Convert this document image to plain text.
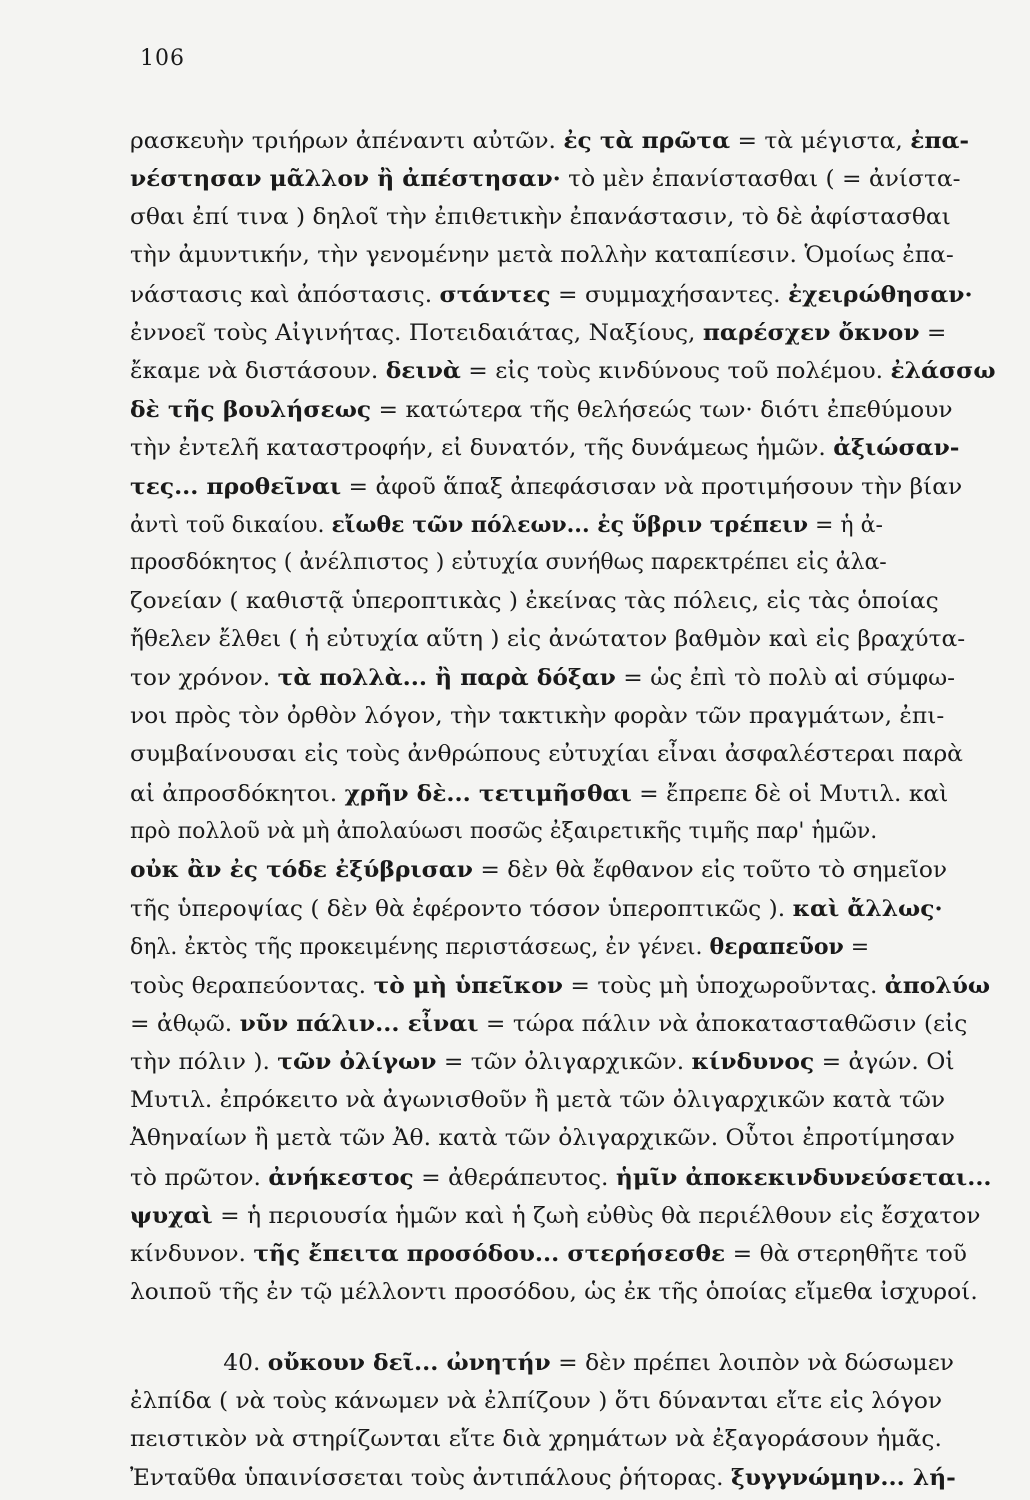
106
ρασκευὴν τριήρων ἀπέναντι αὐτῶν. ἐς τὰ πρῶτα = τὰ μέγιστα, ἐπα-
νέστησαν μᾶλλον ἢ ἀπέστησαν· τὸ μὲν ἐπανίστασθαι ( = ἀνίστα-
σθαι ἐπί τινα ) δηλοῖ τὴν ἐπιθετικὴν ἐπανάστασιν, τὸ δὲ ἀφίστασθαι
τὴν ἀμυντικήν, τὴν γενομένην μετὰ πολλὴν καταπίεσιν. Ὁμοίως ἐπα-
νάστασις καὶ ἀπόστασις. στάντες = συμμαχήσαντες. ἐχειρώθησαν·
ἐννοεῖ τοὺς Αἰγινήτας. Ποτειδαιάτας, Ναξίους, παρέσχεν ὄκνον =
ἔκαμε νὰ διστάσουν. δεινὰ = εἰς τοὺς κινδύνους τοῦ πολέμου. ἐλάσσω
δὲ τῆς βουλήσεως = κατώτερα τῆς θελήσεώς των· διότι ἐπεθύμουν
τὴν ἐντελῆ καταστροφήν, εἰ δυνατόν, τῆς δυνάμεως ἡμῶν. ἀξιώσαν-
τες... προθεῖναι = ἀφοῦ ἅπαξ ἀπεφάσισαν νὰ προτιμήσουν τὴν βίαν
ἀντὶ τοῦ δικαίου. εἴωθε τῶν πόλεων... ἐς ὕβριν τρέπειν = ἡ ἀ-
προσδόκητος ( ἀνέλπιστος ) εὐτυχία συνήθως παρεκτρέπει εἰς ἀλα-
ζονείαν ( καθιστᾷ ὑπεροπτικὰς ) ἐκείνας τὰς πόλεις, εἰς τὰς ὁποίας
ἤθελεν ἔλθει ( ἡ εὐτυχία αὕτη ) εἰς ἀνώτατον βαθμὸν καὶ εἰς βραχύτα-
τον χρόνον. τὰ πολλὰ... ἢ παρὰ δόξαν = ὡς ἐπὶ τὸ πολὺ αἱ σύμφω-
νοι πρὸς τὸν ὀρθὸν λόγον, τὴν τακτικὴν φορὰν τῶν πραγμάτων, ἐπι-
συμβαίνουσαι εἰς τοὺς ἀνθρώπους εὐτυχίαι εἶναι ἀσφαλέστεραι παρὰ
αἱ ἀπροσδόκητοι. χρῆν δὲ... τετιμῆσθαι = ἔπρεπε δὲ οἱ Μυτιλ. καὶ
πρὸ πολλοῦ νὰ μὴ ἀπολαύωσι ποσῶς ἐξαιρετικῆς τιμῆς παρ' ἡμῶν.
οὐκ ἂν ἐς τόδε ἐξύβρισαν = δὲν θὰ ἔφθανον εἰς τοῦτο τὸ σημεῖον
τῆς ὑπεροψίας ( δὲν θὰ ἐφέροντο τόσον ὑπεροπτικῶς ). καὶ ἄλλως·
δηλ. ἐκτὸς τῆς προκειμένης περιστάσεως, ἐν γένει. θεραπεῦον =
τοὺς θεραπεύοντας. τὸ μὴ ὑπεῖκον = τοὺς μὴ ὑποχωροῦντας. ἀπολύω
= ἀθῳῶ. νῦν πάλιν... εἶναι = τώρα πάλιν νὰ ἀποκατασταθῶσιν (εἰς
τὴν πόλιν ). τῶν ὀλίγων = τῶν ὀλιγαρχικῶν. κίνδυνος = ἀγών. Οἱ
Μυτιλ. ἐπρόκειτο νὰ ἀγωνισθοῦν ἢ μετὰ τῶν ὀλιγαρχικῶν κατὰ τῶν
Ἀθηναίων ἢ μετὰ τῶν Ἀθ. κατὰ τῶν ὀλιγαρχικῶν. Οὗτοι ἐπροτίμησαν
τὸ πρῶτον. ἀνήκεστος = ἀθεράπευτος. ἡμῖν ἀποκεκινδυνεύσεται...
ψυχαὶ = ἡ περιουσία ἡμῶν καὶ ἡ ζωὴ εὐθὺς θὰ περιέλθουν εἰς ἔσχατον
κίνδυνον. τῆς ἔπειτα προσόδου... στερήσεσθε = θὰ στερηθῆτε τοῦ
λοιποῦ τῆς ἐν τῷ μέλλοντι προσόδου, ὡς ἐκ τῆς ὁποίας εἴμεθα ἰσχυροί.
40. οὔκουν δεῖ... ὠνητήν = δὲν πρέπει λοιπὸν νὰ δώσωμεν
ἐλπίδα ( νὰ τοὺς κάνωμεν νὰ ἐλπίζουν ) ὅτι δύνανται εἴτε εἰς λόγον
πειστικὸν νὰ στηρίζωνται εἴτε διὰ χρημάτων νὰ ἐξαγοράσουν ἡμᾶς.
Ἐνταῦθα ὑπαινίσσεται τοὺς ἀντιπάλους ῥήτορας. ξυγγνώμην... λή-
